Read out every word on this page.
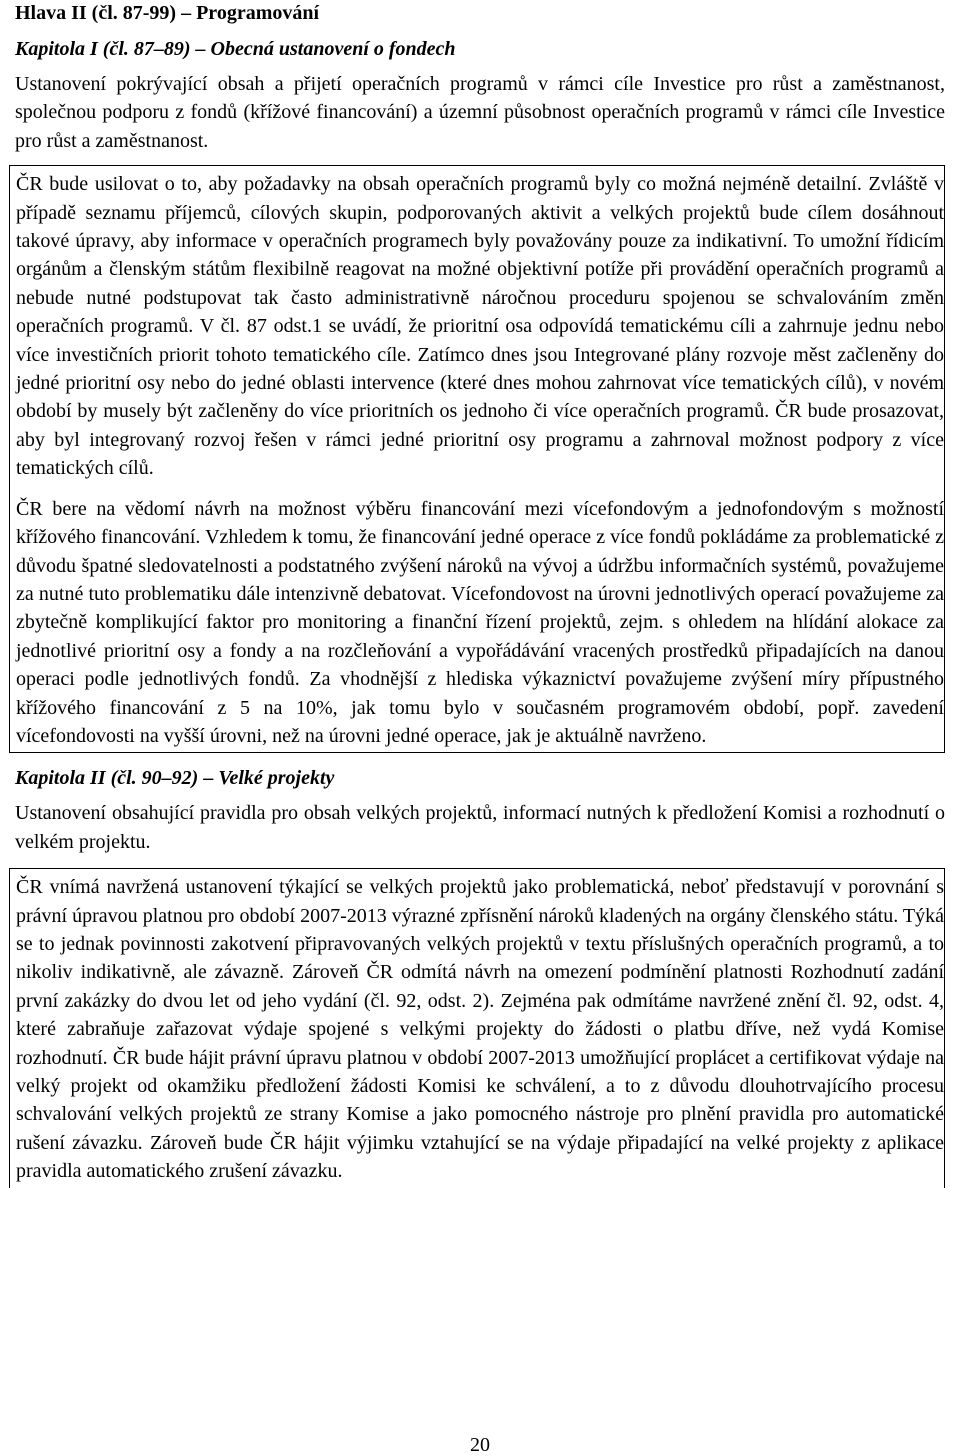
Hlava II (čl. 87-99) – Programování
Kapitola I (čl. 87–89) – Obecná ustanovení o fondech

Ustanovení pokrývající obsah a přijetí operačních programů v rámci cíle Investice pro růst a zaměstnanost, společnou podporu z fondů (křížové financování) a územní působnost operačních programů v rámci cíle Investice pro růst a zaměstnanost.

ČR bude usilovat o to, aby požadavky na obsah operačních programů byly co možná nejméně detailní. Zvláště v případě seznamu příjemců, cílových skupin, podporovaných aktivit a velkých projektů bude cílem dosáhnout takové úpravy, aby informace v operačních programech byly považovány pouze za indikativní. To umožní řídicím orgánům a členským státům flexibilně reagovat na možné objektivní potíže při provádění operačních programů a nebude nutné podstupovat tak často administrativně náročnou proceduru spojenou se schvalováním změn operačních programů. V čl. 87 odst.1 se uvádí, že prioritní osa odpovídá tematickému cíli a zahrnuje jednu nebo více investičních priorit tohoto tematického cíle. Zatímco dnes jsou Integrované plány rozvoje měst začleněny do jedné prioritní osy nebo do jedné oblasti intervence (které dnes mohou zahrnovat více tematických cílů), v novém období by musely být začleněny do více prioritních os jednoho či více operačních programů. ČR bude prosazovat, aby byl integrovaný rozvoj řešen v rámci jedné prioritní osy programu a zahrnoval možnost podpory z více tematických cílů.

ČR bere na vědomí návrh na možnost výběru financování mezi vícefondovým a jednofondovým s možností křížového financování. Vzhledem k tomu, že financování jedné operace z více fondů pokládáme za problematické z důvodu špatné sledovatelnosti a podstatného zvýšení nároků na vývoj a údržbu informačních systémů, považujeme za nutné tuto problematiku dále intenzivně debatovat. Vícefondovost na úrovni jednotlivých operací považujeme za zbytečně komplikující faktor pro monitoring a finanční řízení projektů, zejm. s ohledem na hlídání alokace za jednotlivé prioritní osy a fondy a na rozčleňování a vypořádávání vracených prostředků připadajících na danou operaci podle jednotlivých fondů. Za vhodnější z hlediska výkaznictví považujeme zvýšení míry přípustného křížového financování z 5 na 10%, jak tomu bylo v současném programovém období, popř. zavedení vícefondovosti na vyšší úrovni, než na úrovni jedné operace, jak je aktuálně navrženo.

Kapitola II (čl. 90–92) – Velké projekty

Ustanovení obsahující pravidla pro obsah velkých projektů, informací nutných k předložení Komisi a rozhodnutí o velkém projektu.

ČR vnímá navržená ustanovení týkající se velkých projektů jako problematická, neboť představují v porovnání s právní úpravou platnou pro období 2007-2013 výrazné zpřísnění nároků kladených na orgány členského státu. Týká se to jednak povinnosti zakotvení připravovaných velkých projektů v textu příslušných operačních programů, a to nikoliv indikativně, ale závazně. Zároveň ČR odmítá návrh na omezení podmínění platnosti Rozhodnutí zadání první zakázky do dvou let od jeho vydání (čl. 92, odst. 2). Zejména pak odmítáme navržené znění čl. 92, odst. 4, které zabraňuje zařazovat výdaje spojené s velkými projekty do žádosti o platbu dříve, než vydá Komise rozhodnutí. ČR bude hájit právní úpravu platnou v období 2007-2013 umožňující proplácet a certifikovat výdaje na velký projekt od okamžiku předložení žádosti Komisi ke schválení, a to z důvodu dlouhotrvajícího procesu schvalování velkých projektů ze strany Komise a jako pomocného nástroje pro plnění pravidla pro automatické rušení závazku. Zároveň bude ČR hájit výjimku vztahující se na výdaje připadající na velké projekty z aplikace pravidla automatického zrušení závazku.

20
